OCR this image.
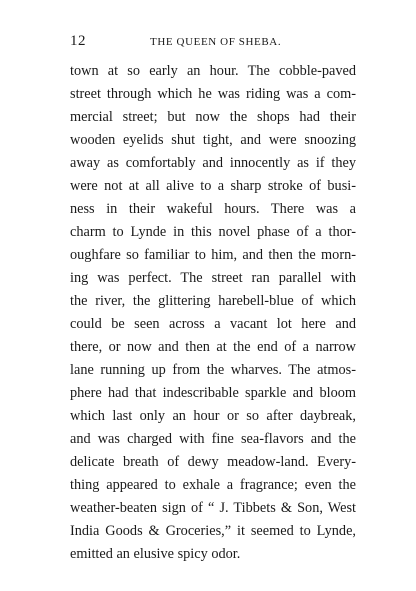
12	THE QUEEN OF SHEBA.
town at so early an hour. The cobble-paved
street through which he was riding was a com-
mercial street; but now the shops had their
wooden eyelids shut tight, and were snoozing
away as comfortably and innocently as if they
were not at all alive to a sharp stroke of busi-
ness in their wakeful hours. There was a
charm to Lynde in this novel phase of a thor-
oughfare so familiar to him, and then the morn-
ing was perfect. The street ran parallel with
the river, the glittering harebell-blue of which
could be seen across a vacant lot here and
there, or now and then at the end of a narrow
lane running up from the wharves. The atmos-
phere had that indescribable sparkle and bloom
which last only an hour or so after daybreak,
and was charged with fine sea-flavors and the
delicate breath of dewy meadow-land. Every-
thing appeared to exhale a fragrance; even the
weather-beaten sign of “ J. Tibbets & Son, West
India Goods & Groceries,” it seemed to Lynde,
emitted an elusive spicy odor.
